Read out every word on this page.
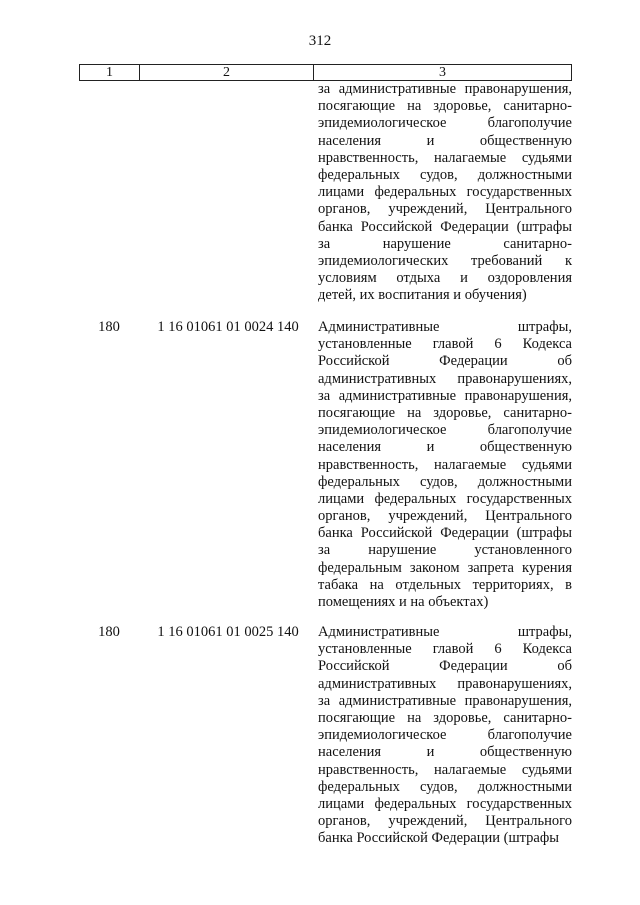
312
1	2	3
за административные правонарушения,
посягающие на здоровье, санитарно-
эпидемиологическое благополучие
населения и общественную
нравственность, налагаемые судьями
федеральных судов, должностными
лицами федеральных государственных
органов, учреждений, Центрального
банка Российской Федерации (штрафы
за нарушение санитарно-
эпидемиологических требований к
условиям отдыха и оздоровления
детей, их воспитания и обучения)
180	1 16 01061 01 0024 140	Административные штрафы,
установленные главой 6 Кодекса
Российской Федерации об
административных правонарушениях,
за административные правонарушения,
посягающие на здоровье, санитарно-
эпидемиологическое благополучие
населения и общественную
нравственность, налагаемые судьями
федеральных судов, должностными
лицами федеральных государственных
органов, учреждений, Центрального
банка Российской Федерации (штрафы
за нарушение установленного
федеральным законом запрета курения
табака на отдельных территориях, в
помещениях и на объектах)
180	1 16 01061 01 0025 140	Административные штрафы,
установленные главой 6 Кодекса
Российской Федерации об
административных правонарушениях,
за административные правонарушения,
посягающие на здоровье, санитарно-
эпидемиологическое благополучие
населения и общественную
нравственность, налагаемые судьями
федеральных судов, должностными
лицами федеральных государственных
органов, учреждений, Центрального
банка Российской Федерации (штрафы
